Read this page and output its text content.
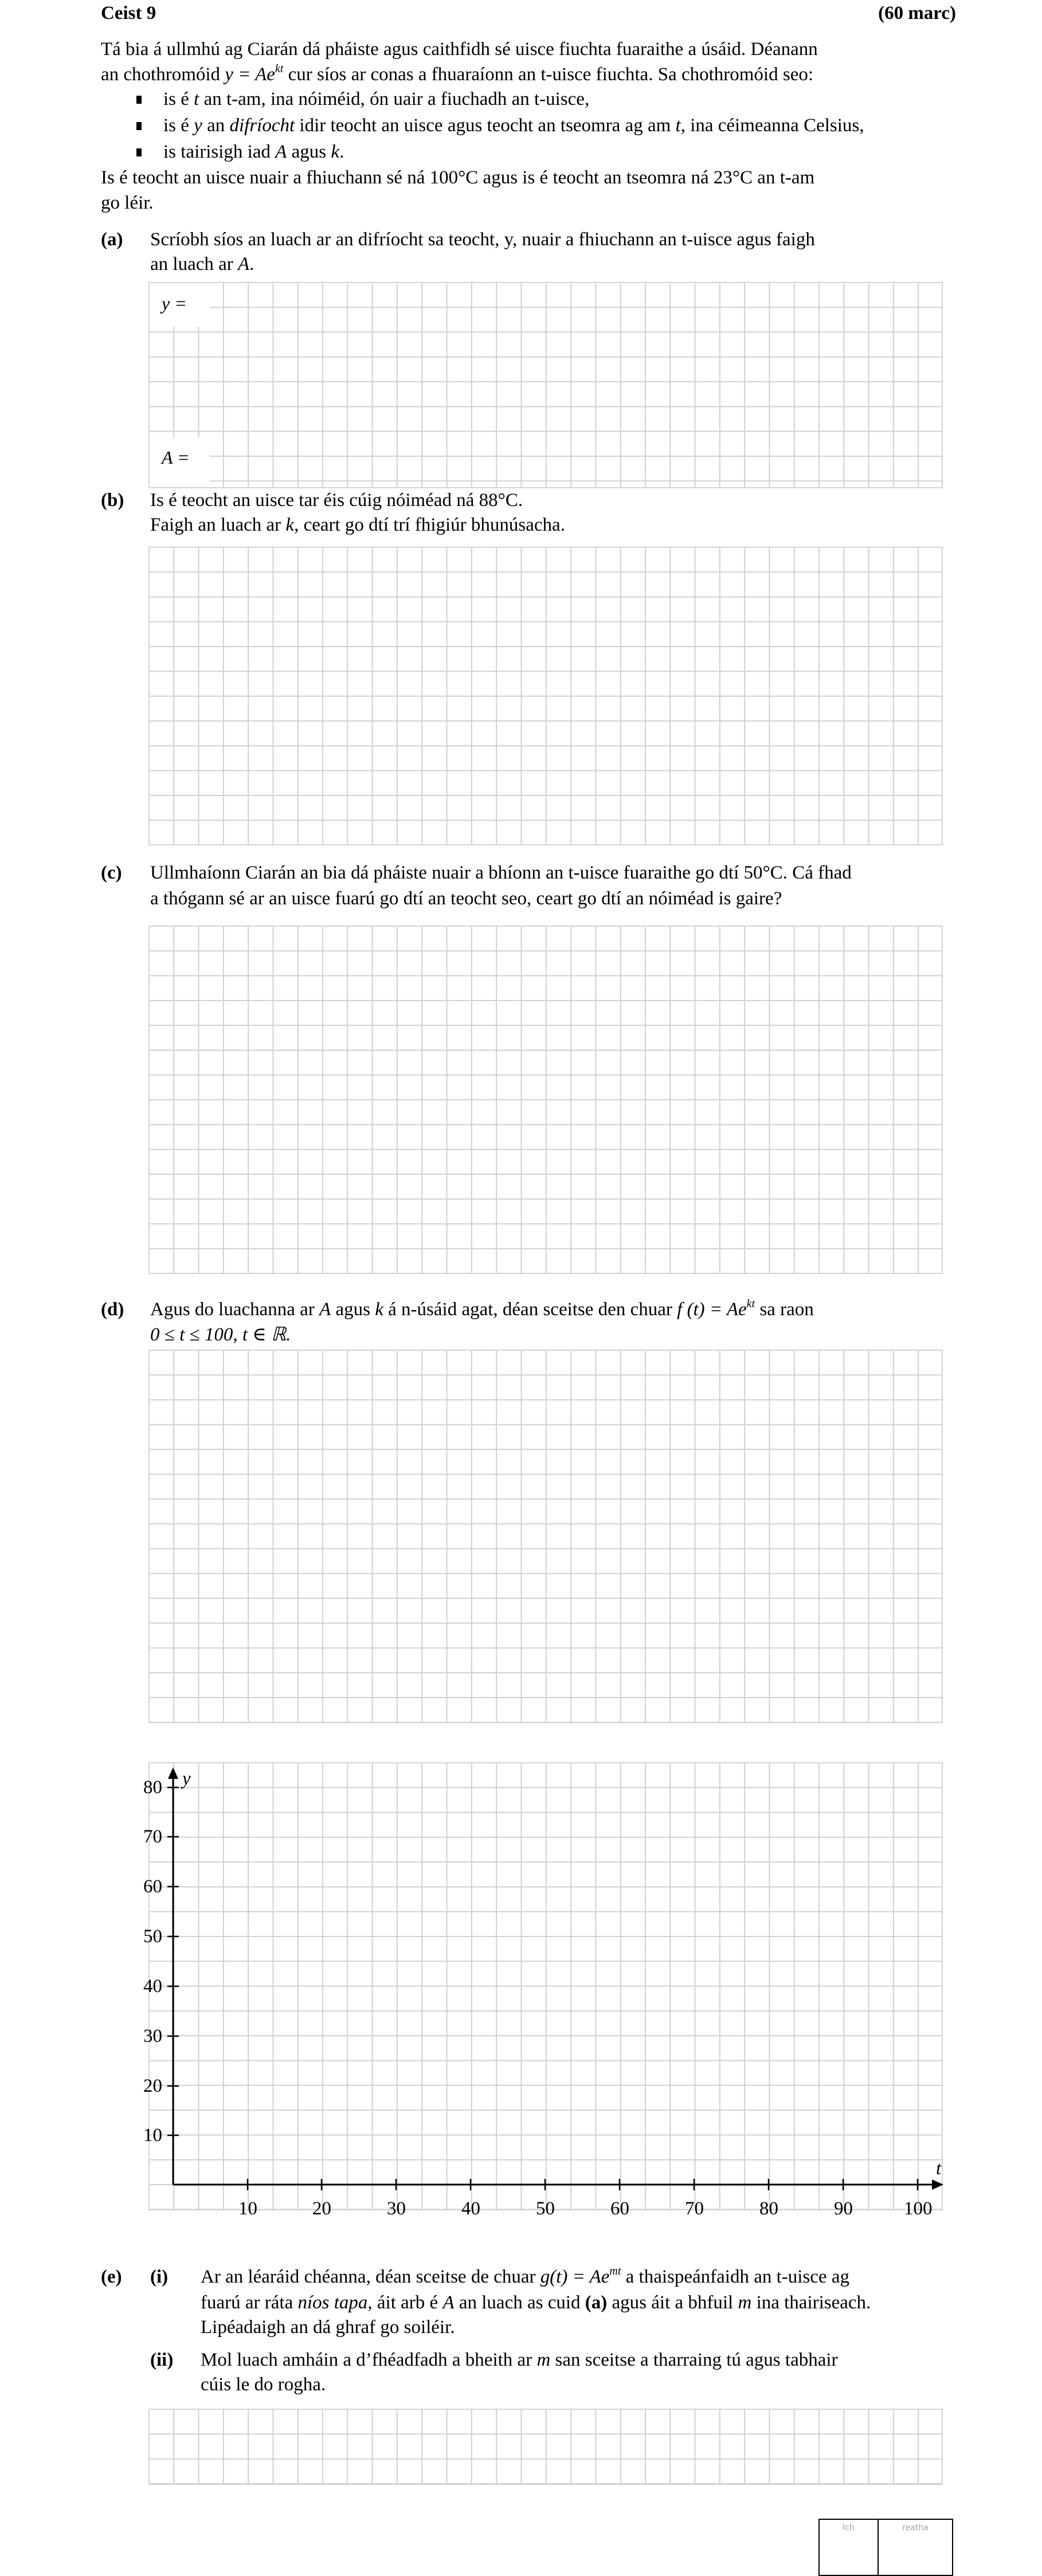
Ceist 9	(60 marc)
Tá bia á ullmhú ag Ciarán dá pháiste agus caithfidh sé uisce fiuchta fuaraithe a úsáid. Déanann
an chothromóid $y = Ae^{kt}$ cur síos ar conas a fhuaraíonn an t-uisce fiuchta. Sa chothromóid seo:
is é t an t-am, ina nóiméid, ón uair a fiuchadh an t-uisce,
is é y an difríocht idir teocht an uisce agus teocht an tseomra ag am t, ina céimeanna Celsius,
is tairisigh iad A agus k.
Is é teocht an uisce nuair a fhiuchann sé ná 100°C agus is é teocht an tseomra ná 23°C an t-am
go léir.
(a) Scríobh síos an luach ar an difríocht sa teocht, y, nuair a fhiuchann an t-uisce agus faigh
an luach ar A.
y =
A =
(b) Is é teocht an uisce tar éis cúig nóiméad ná 88°C.
Faigh an luach ar k, ceart go dtí trí fhigiúr bhunúsacha.
(c) Ullmhaíonn Ciarán an bia dá pháiste nuair a bhíonn an t-uisce fuaraithe go dtí 50°C. Cá fhad
a thógann sé ar an uisce fuarú go dtí an teocht seo, ceart go dtí an nóiméad is gaire?
(d) Agus do luachanna ar A agus k á n-úsáid agat, déan sceitse den chuar f $(t) = Ae^{kt}$ sa raon
0 ≤ t ≤ 100, t ∈ ℝ.
10
20
30
40
50
60
70
80 y
10	20	30	40	50	60	70	80	90	100
t
(e) (i) Ar an léaráid chéanna, déan sceitse de chuar $g(t) = Ae^{mt}$ a thaispeánfaidh an t-uisce ag
fuarú ar ráta níos tapa, áit arb é A an luach as cuid (a) agus áit a bhfuil m ina thairiseach.
Lipéadaigh an dá ghraf go soiléir.
(ii) Mol luach amháin a d’fhéadfadh a bheith ar m san sceitse a tharraing tú agus tabhair
cúis le do rogha.
lch	reatha
